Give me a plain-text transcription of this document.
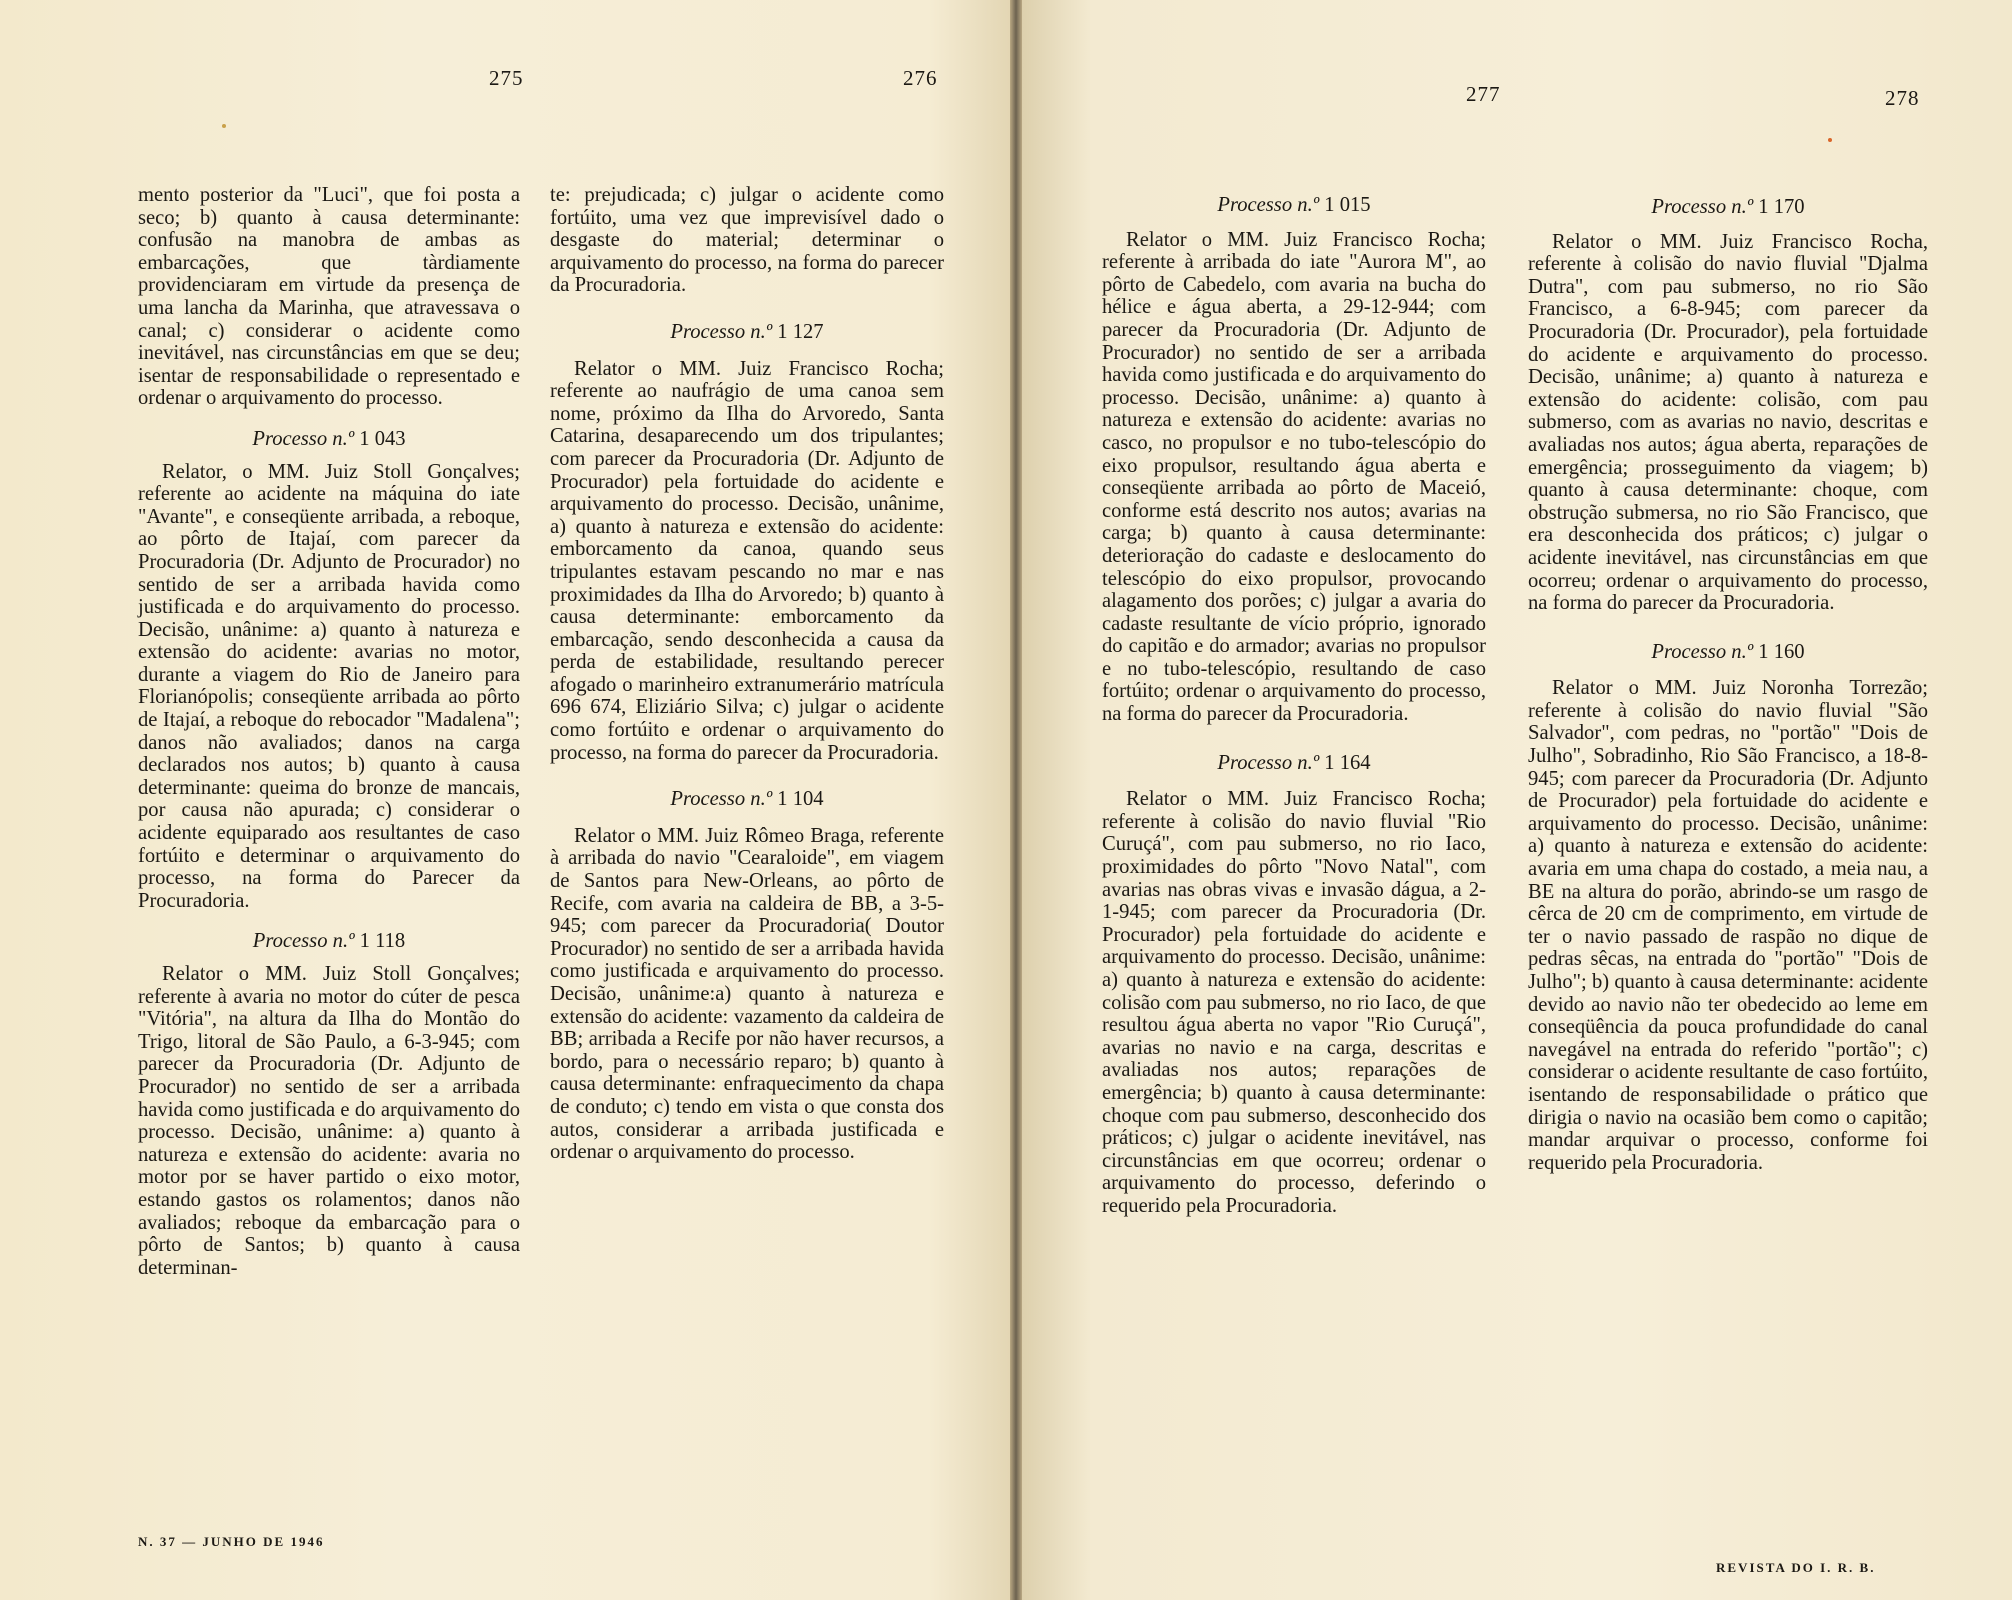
275	276

mento posterior da "Luci", que foi posta a seco; b) quanto à causa determinante: confusão na manobra de ambas as embarcações, que tàrdiamente providenciaram em virtude da presença de uma lancha da Marinha, que atravessava o canal; c) considerar o acidente como inevitável, nas circunstâncias em que se deu; isentar de responsabilidade o representado e ordenar o arquivamento do processo.

Processo n.º 1 043

Relator, o MM. Juiz Stoll Gonçalves; referente ao acidente na máquina do iate "Avante", e conseqüente arribada, a reboque, ao pôrto de Itajaí, com parecer da Procuradoria (Dr. Adjunto de Procurador) no sentido de ser a arribada havida como justificada e do arquivamento do processo. Decisão, unânime: a) quanto à natureza e extensão do acidente: avarias no motor, durante a viagem do Rio de Janeiro para Florianópolis; conseqüente arribada ao pôrto de Itajaí, a reboque do rebocador "Madalena"; danos não avaliados; danos na carga declarados nos autos; b) quanto à causa determinante: queima do bronze de mancais, por causa não apurada; c) considerar o acidente equiparado aos resultantes de caso fortúito e determinar o arquivamento do processo, na forma do Parecer da Procuradoria.

Processo n.º 1 118

Relator o MM. Juiz Stoll Gonçalves; referente à avaria no motor do cúter de pesca "Vitória", na altura da Ilha do Montão do Trigo, litoral de São Paulo, a 6-3-945; com parecer da Procuradoria (Dr. Adjunto de Procurador) no sentido de ser a arribada havida como justificada e do arquivamento do processo. Decisão, unânime: a) quanto à natureza e extensão do acidente: avaria no motor por se haver partido o eixo motor, estando gastos os rolamentos; danos não avaliados; reboque da embarcação para o pôrto de Santos; b) quanto à causa determinan-

te: prejudicada; c) julgar o acidente como fortúito, uma vez que imprevisível dado o desgaste do material; determinar o arquivamento do processo, na forma do parecer da Procuradoria.

Processo n.º 1 127

Relator o MM. Juiz Francisco Rocha; referente ao naufrágio de uma canoa sem nome, próximo da Ilha do Arvoredo, Santa Catarina, desaparecendo um dos tripulantes; com parecer da Procuradoria (Dr. Adjunto de Procurador) pela fortuidade do acidente e arquivamento do processo. Decisão, unânime, a) quanto à natureza e extensão do acidente: emborcamento da canoa, quando seus tripulantes estavam pescando no mar e nas proximidades da Ilha do Arvoredo; b) quanto à causa determinante: emborcamento da embarcação, sendo desconhecida a causa da perda de estabilidade, resultando perecer afogado o marinheiro extranumerário matrícula 696 674, Eliziário Silva; c) julgar o acidente como fortúito e ordenar o arquivamento do processo, na forma do parecer da Procuradoria.

Processo n.º 1 104

Relator o MM. Juiz Rômeo Braga, referente à arribada do navio "Cearaloide", em viagem de Santos para New-Orleans, ao pôrto de Recife, com avaria na caldeira de BB, a 3-5-945; com parecer da Procuradoria( Doutor Procurador) no sentido de ser a arribada havida como justificada e arquivamento do processo. Decisão, unânime:a) quanto à natureza e extensão do acidente: vazamento da caldeira de BB; arribada a Recife por não haver recursos, a bordo, para o necessário reparo; b) quanto à causa determinante: enfraquecimento da chapa de conduto; c) tendo em vista o que consta dos autos, considerar a arribada justificada e ordenar o arquivamento do processo.

N. 37 — JUNHO DE 1946
277	278
Processo n.º 1 015

Relator o MM. Juiz Francisco Rocha; referente à arribada do iate "Aurora M", ao pôrto de Cabedelo, com avaria na bucha do hélice e água aberta, a 29-12-944; com parecer da Procuradoria (Dr. Adjunto de Procurador) no sentido de ser a arribada havida como justificada e do arquivamento do processo. Decisão, unânime: a) quanto à natureza e extensão do acidente: avarias no casco, no propulsor e no tubo-telescópio do eixo propulsor, resultando água aberta e conseqüente arribada ao pôrto de Maceió, conforme está descrito nos autos; avarias na carga; b) quanto à causa determinante: deterioração do cadaste e deslocamento do telescópio do eixo propulsor, provocando alagamento dos porões; c) julgar a avaria do cadaste resultante de vício próprio, ignorado do capitão e do armador; avarias no propulsor e no tubo-telescópio, resultando de caso fortúito; ordenar o arquivamento do processo, na forma do parecer da Procuradoria.

Processo n.º 1 164

Relator o MM. Juiz Francisco Rocha; referente à colisão do navio fluvial "Rio Curuçá", com pau submerso, no rio Iaco, proximidades do pôrto "Novo Natal", com avarias nas obras vivas e invasão dágua, a 2-1-945; com parecer da Procuradoria (Dr. Procurador) pela fortuidade do acidente e arquivamento do processo. Decisão, unânime: a) quanto à natureza e extensão do acidente: colisão com pau submerso, no rio Iaco, de que resultou água aberta no vapor "Rio Curuçá", avarias no navio e na carga, descritas e avaliadas nos autos; reparações de emergência; b) quanto à causa determinante: choque com pau submerso, desconhecido dos práticos; c) julgar o acidente inevitável, nas circunstâncias em que ocorreu; ordenar o arquivamento do processo, deferindo o requerido pela Procuradoria.

Processo n.º 1 170

Relator o MM. Juiz Francisco Rocha, referente à colisão do navio fluvial "Djalma Dutra", com pau submerso, no rio São Francisco, a 6-8-945; com parecer da Procuradoria (Dr. Procurador), pela fortuidade do acidente e arquivamento do processo. Decisão, unânime; a) quanto à natureza e extensão do acidente: colisão, com pau submerso, com as avarias no navio, descritas e avaliadas nos autos; água aberta, reparações de emergência; prosseguimento da viagem; b) quanto à causa determinante: choque, com obstrução submersa, no rio São Francisco, que era desconhecida dos práticos; c) julgar o acidente inevitável, nas circunstâncias em que ocorreu; ordenar o arquivamento do processo, na forma do parecer da Procuradoria.

Processo n.º 1 160

Relator o MM. Juiz Noronha Torrezão; referente à colisão do navio fluvial "São Salvador", com pedras, no "portão" "Dois de Julho", Sobradinho, Rio São Francisco, a 18-8-945; com parecer da Procuradoria (Dr. Adjunto de Procurador) pela fortuidade do acidente e arquivamento do processo. Decisão, unânime: a) quanto à natureza e extensão do acidente: avaria em uma chapa do costado, a meia nau, a BE na altura do porão, abrindo-se um rasgo de cêrca de 20 cm de comprimento, em virtude de ter o navio passado de raspão no dique de pedras sêcas, na entrada do "portão" "Dois de Julho"; b) quanto à causa determinante: acidente devido ao navio não ter obedecido ao leme em conseqüência da pouca profundidade do canal navegável na entrada do referido "portão"; c) considerar o acidente resultante de caso fortúito, isentando de responsabilidade o prático que dirigia o navio na ocasião bem como o capitão; mandar arquivar o processo, conforme foi requerido pela Procuradoria.

REVISTA DO I. R. B.
